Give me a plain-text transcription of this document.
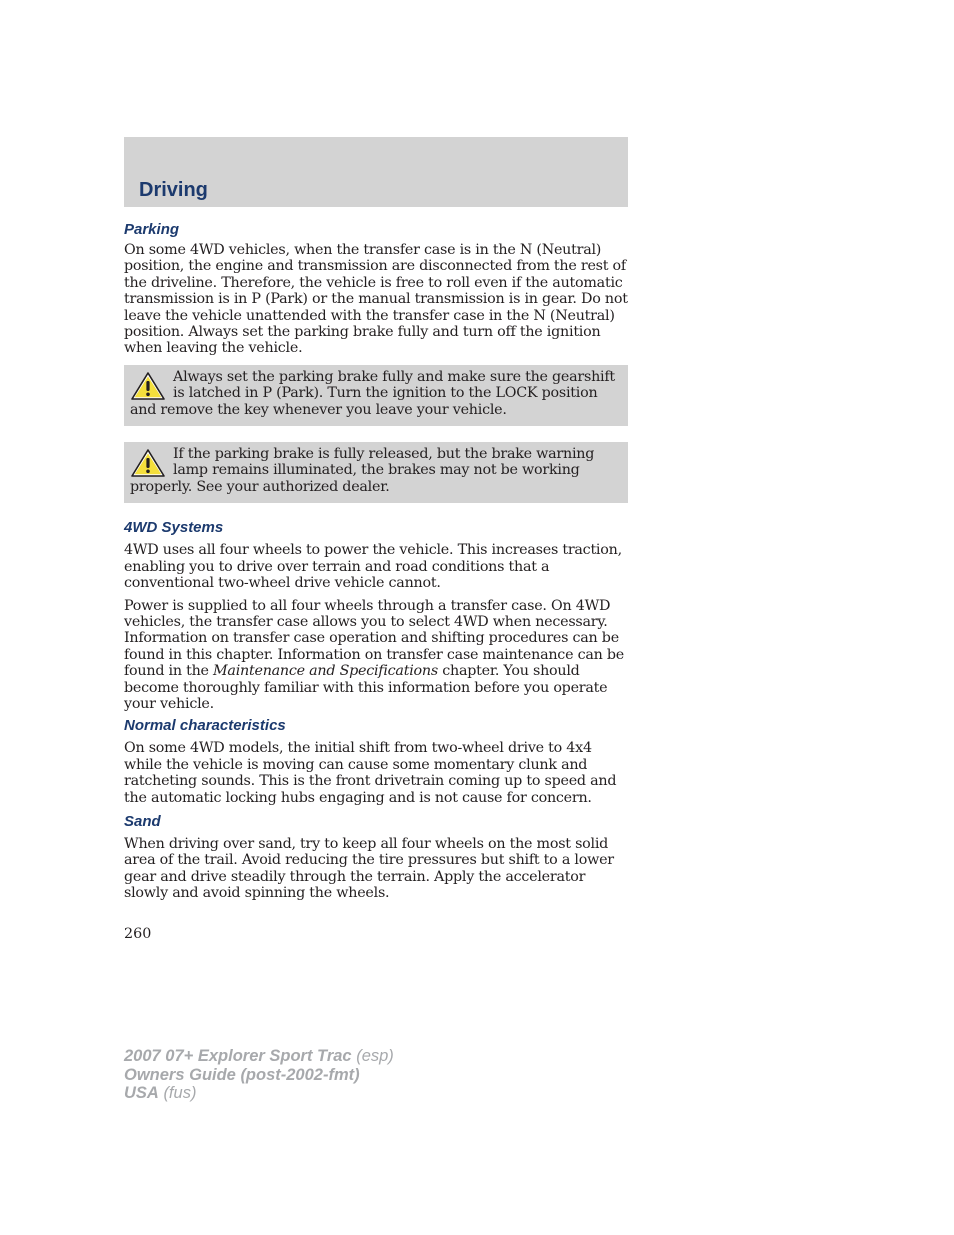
Driving
Parking

On some 4WD vehicles, when the transfer case is in the N (Neutral) position, the engine and transmission are disconnected from the rest of the driveline. Therefore, the vehicle is free to roll even if the automatic transmission is in P (Park) or the manual transmission is in gear. Do not leave the vehicle unattended with the transfer case in the N (Neutral) position. Always set the parking brake fully and turn off the ignition when leaving the vehicle.

Always set the parking brake fully and make sure the gearshift is latched in P (Park). Turn the ignition to the LOCK position and remove the key whenever you leave your vehicle.
If the parking brake is fully released, but the brake warning lamp remains illuminated, the brakes may not be working properly. See your authorized dealer.
4WD Systems

4WD uses all four wheels to power the vehicle. This increases traction, enabling you to drive over terrain and road conditions that a conventional two-wheel drive vehicle cannot.

Power is supplied to all four wheels through a transfer case. On 4WD vehicles, the transfer case allows you to select 4WD when necessary. Information on transfer case operation and shifting procedures can be found in this chapter. Information on transfer case maintenance can be found in the Maintenance and Specifications chapter. You should become thoroughly familiar with this information before you operate your vehicle.

Normal characteristics

On some 4WD models, the initial shift from two-wheel drive to 4x4 while the vehicle is moving can cause some momentary clunk and ratcheting sounds. This is the front drivetrain coming up to speed and the automatic locking hubs engaging and is not cause for concern.

Sand

When driving over sand, try to keep all four wheels on the most solid area of the trail. Avoid reducing the tire pressures but shift to a lower gear and drive steadily through the terrain. Apply the accelerator slowly and avoid spinning the wheels.

260
2007 07+ Explorer Sport Trac (esp)
Owners Guide (post-2002-fmt)
USA (fus)
